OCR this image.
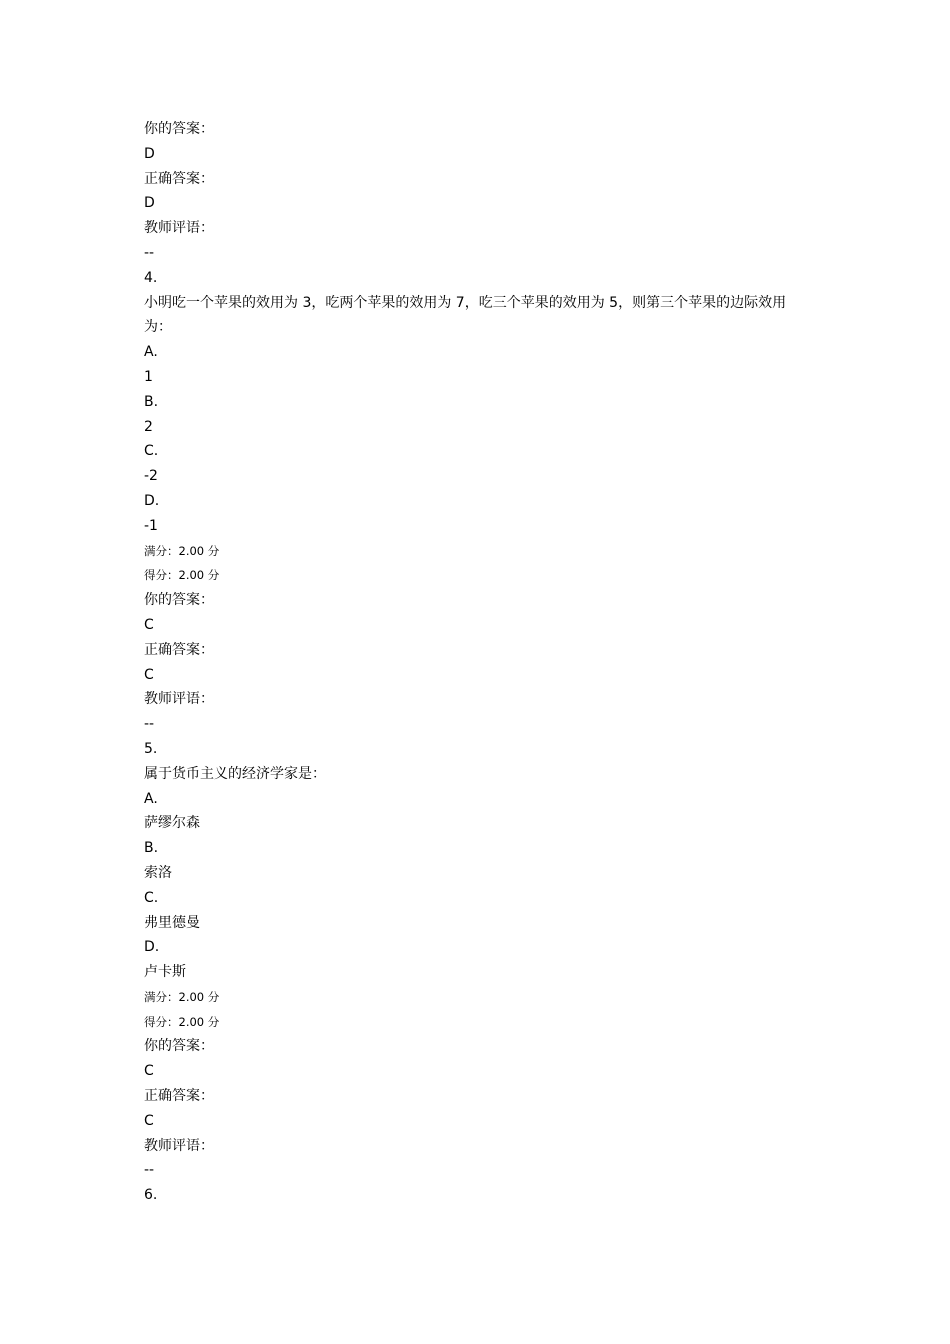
你的答案：
D
正确答案：
D
教师评语：
--
4.
小明吃一个苹果的效用为 3，吃两个苹果的效用为 7，吃三个苹果的效用为 5，则第三个苹果的边际效用为：
A.
1
B.
2
C.
-2
D.
-1
满分：2.00 分
得分：2.00 分
你的答案：
C
正确答案：
C
教师评语：
--
5.
属于货币主义的经济学家是：
A.
萨缪尔森
B.
索洛
C.
弗里德曼
D.
卢卡斯
满分：2.00 分
得分：2.00 分
你的答案：
C
正确答案：
C
教师评语：
--
6.
